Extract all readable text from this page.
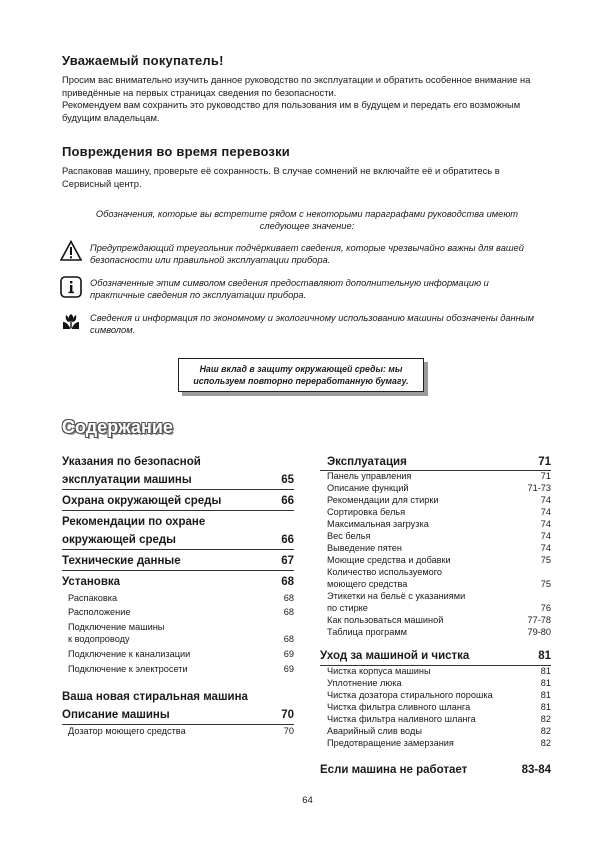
Уважаемый покупатель!
Просим вас внимательно изучить данное руководство по эксплуатации и обратить особенное внимание на приведённые на первых страницах сведения по безопасности.
Рекомендуем вам сохранить это руководство для пользования им в будущем и передать его возможным будущим владельцам.
Повреждения во время перевозки
Распаковав машину, проверьте её сохранность. В случае сомнений не включайте её и обратитесь в Сервисный центр.
Обозначения, которые вы встретите рядом с некоторыми параграфами руководства имеют следующее значение:
Предупреждающий треугольник подчёркивает сведения, которые чрезвычайно важны для вашей безопасности или правильной эксплуатации прибора.
Обозначенные этим символом сведения предоставляют дополнительную информацию и практичные сведения по эксплуатации прибора.
Сведения и информация по экономному и экологичному использованию машины обозначены данным символом.
Наш вклад в защиту окружающей среды: мы
используем повторно переработанную бумагу.
Содержание
Указания по безопасной
эксплуатации машины	65
Охрана окружающей среды	66
Рекомендации по охране
окружающей среды	66
Технические данные	67
Установка	68
Распаковка	68
Расположение	68
Подключение машины
к водопроводу	68
Подключение к канализации	69
Подключение к электросети	69
Ваша новая стиральная машина
Описание машины	70
Дозатор моющего средства	70
Эксплуатация	71
Панель управления	71
Описание функций	71-73
Рекомендации для стирки	74
Сортировка белья	74
Максимальная загрузка	74
Вес белья	74
Выведение пятен	74
Моющие средства и добавки	75
Количество используемого
моющего средства	75
Этикетки на бельё с указаниями
по стирке	76
Как пользоваться машиной	77-78
Таблица программ	79-80
Уход за машиной и чистка	81
Чистка корпуса машины	81
Уплотнение люка	81
Чистка дозатора стирального порошка	81
Чистка фильтра сливного шланга	81
Чистка фильтра наливного шланга	82
Аварийный слив воды	82
Предотвращение замерзания	82
Если машина не работает	83-84
64
